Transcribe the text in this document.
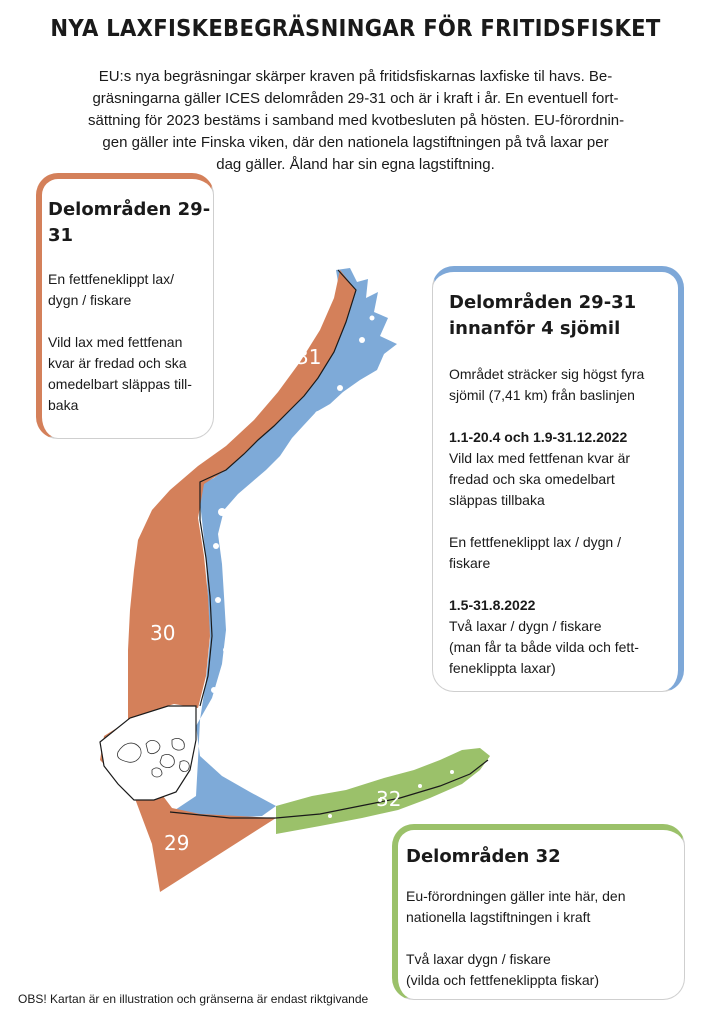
NYA LAXFISKEBEGRÄSNINGAR FÖR FRITIDSFISKET
EU:s nya begräsningar skärper kraven på fritidsfiskarnas laxfiske til havs. Be-
gräsningarna gäller ICES delområden 29-31 och är i kraft i år. En eventuell fort-
sättning för 2023 bestäms i samband med kvotbesluten på hösten. EU-förordnin-
gen gäller inte Finska viken, där den nationela lagstiftningen på två laxar per
dag gäller. Åland har sin egna lagstiftning.
31
30
29
32
Delområden 29-31

En fettfeneklippt lax/
dygn / fiskare

Vild lax med fettfenan
kvar är fredad och ska
omedelbart släppas till-
baka

Delområden 29-31
innanför 4 sjömil

Området sträcker sig högst fyra
sjömil (7,41 km) från baslinjen

1.1-20.4 och 1.9-31.12.2022
Vild lax med fettfenan kvar är
fredad och ska omedelbart
släppas tillbaka

En fettfeneklippt lax / dygn /
fiskare

1.5-31.8.2022
Två laxar / dygn / fiskare
(man får ta både vilda och fett-
feneklippta laxar)

Delområden 32

Eu-förordningen gäller inte här, den
nationella lagstiftningen i kraft

Två laxar dygn / fiskare
(vilda och fettfeneklippta fiskar)

OBS! Kartan är en illustration och gränserna är endast riktgivande
